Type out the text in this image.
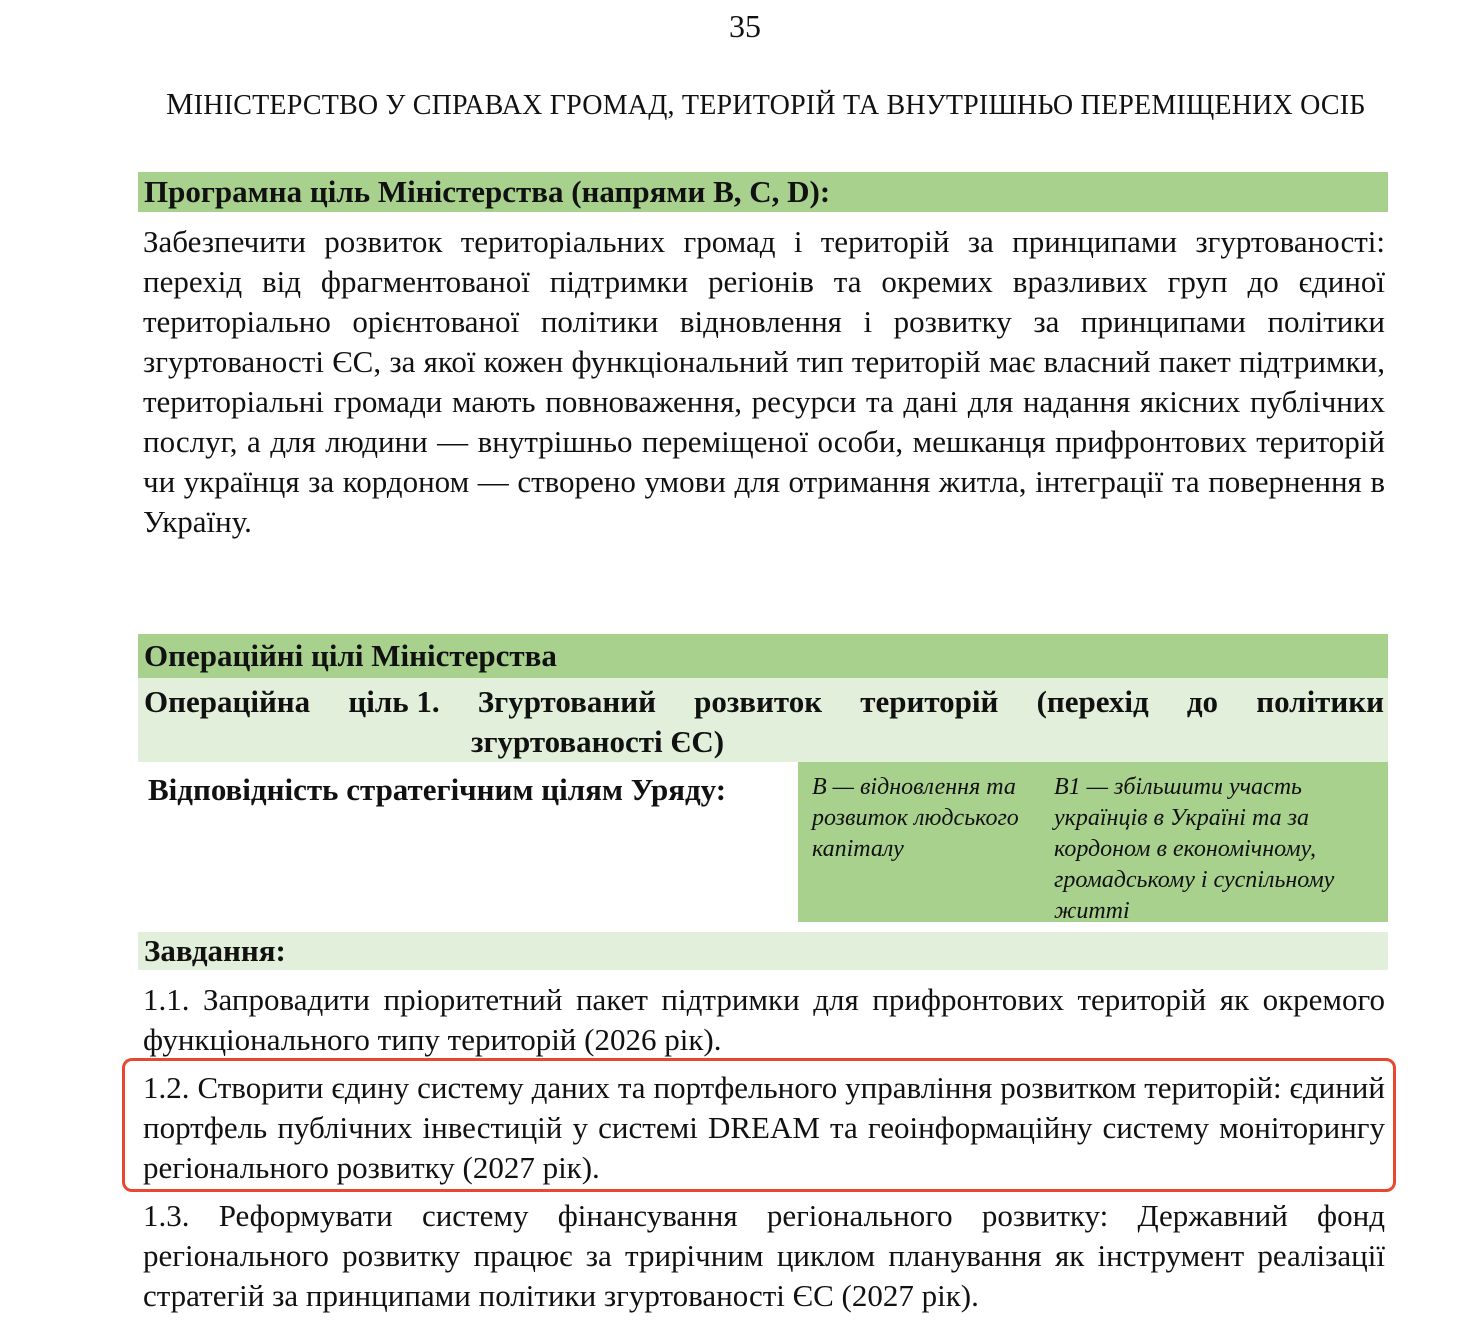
35
МІНІСТЕРСТВО У СПРАВАХ ГРОМАД, ТЕРИТОРІЙ ТА ВНУТРІШНЬО ПЕРЕМІЩЕНИХ ОСІБ
Програмна ціль Міністерства (напрями B, C, D):
Забезпечити розвиток територіальних громад і територій за принципами згуртованості: перехід від фрагментованої підтримки регіонів та окремих вразливих груп до єдиної територіально орієнтованої політики відновлення і розвитку за принципами політики згуртованості ЄС, за якої кожен функціональний тип територій має власний пакет підтримки, територіальні громади мають повноваження, ресурси та дані для надання якісних публічних послуг, а для людини — внутрішньо переміщеної особи, мешканця прифронтових територій чи українця за кордоном — створено умови для отримання житла, інтеграції та повернення в Україну.
Операційні цілі Міністерства
Операційна ціль 1. Згуртований розвиток територій (перехід до політики
згуртованості ЄС)
Відповідність стратегічним цілям Уряду:	B — відновлення та розвиток людського капіталу
B1 — збільшити участь українців в Україні та за кордоном в економічному, громадському і суспільному житті
Завдання:
1.1. Запровадити пріоритетний пакет підтримки для прифронтових територій як окремого функціонального типу територій (2026 рік).
1.2. Створити єдину систему даних та портфельного управління розвитком територій: єдиний портфель публічних інвестицій у системі DREAM та геоінформаційну систему моніторингу регіонального розвитку (2027 рік).
1.3. Реформувати систему фінансування регіонального розвитку: Державний фонд регіонального розвитку працює за трирічним циклом планування як інструмент реалізації стратегій за принципами політики згуртованості ЄС (2027 рік).
